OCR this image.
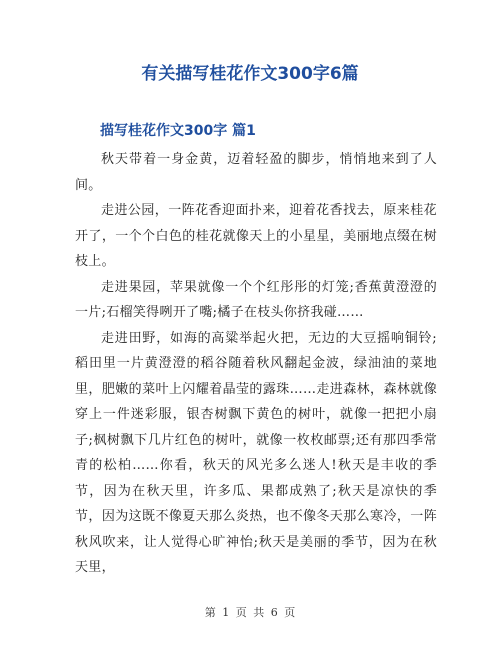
有关描写桂花作文300字6篇
描写桂花作文300字 篇1

秋天带着一身金黄，迈着轻盈的脚步，悄悄地来到了人间。

走进公园，一阵花香迎面扑来，迎着花香找去，原来桂花开了，一个个白色的桂花就像天上的小星星，美丽地点缀在树枝上。

走进果园，苹果就像一个个红彤彤的灯笼;香蕉黄澄澄的一片;石榴笑得咧开了嘴;橘子在枝头你挤我碰……

走进田野，如海的高粱举起火把，无边的大豆摇响铜铃;稻田里一片黄澄澄的稻谷随着秋风翻起金波，绿油油的菜地里，肥嫩的菜叶上闪耀着晶莹的露珠……走进森林，森林就像穿上一件迷彩服，银杏树飘下黄色的树叶，就像一把把小扇子;枫树飘下几片红色的树叶，就像一枚枚邮票;还有那四季常青的松柏……你看，秋天的风光多么迷人!秋天是丰收的季节，因为在秋天里，许多瓜、果都成熟了;秋天是凉快的季节，因为这既不像夏天那么炎热，也不像冬天那么寒冷，一阵秋风吹来，让人觉得心旷神怡;秋天是美丽的季节，因为在秋天里，

第 1 页 共 6 页
